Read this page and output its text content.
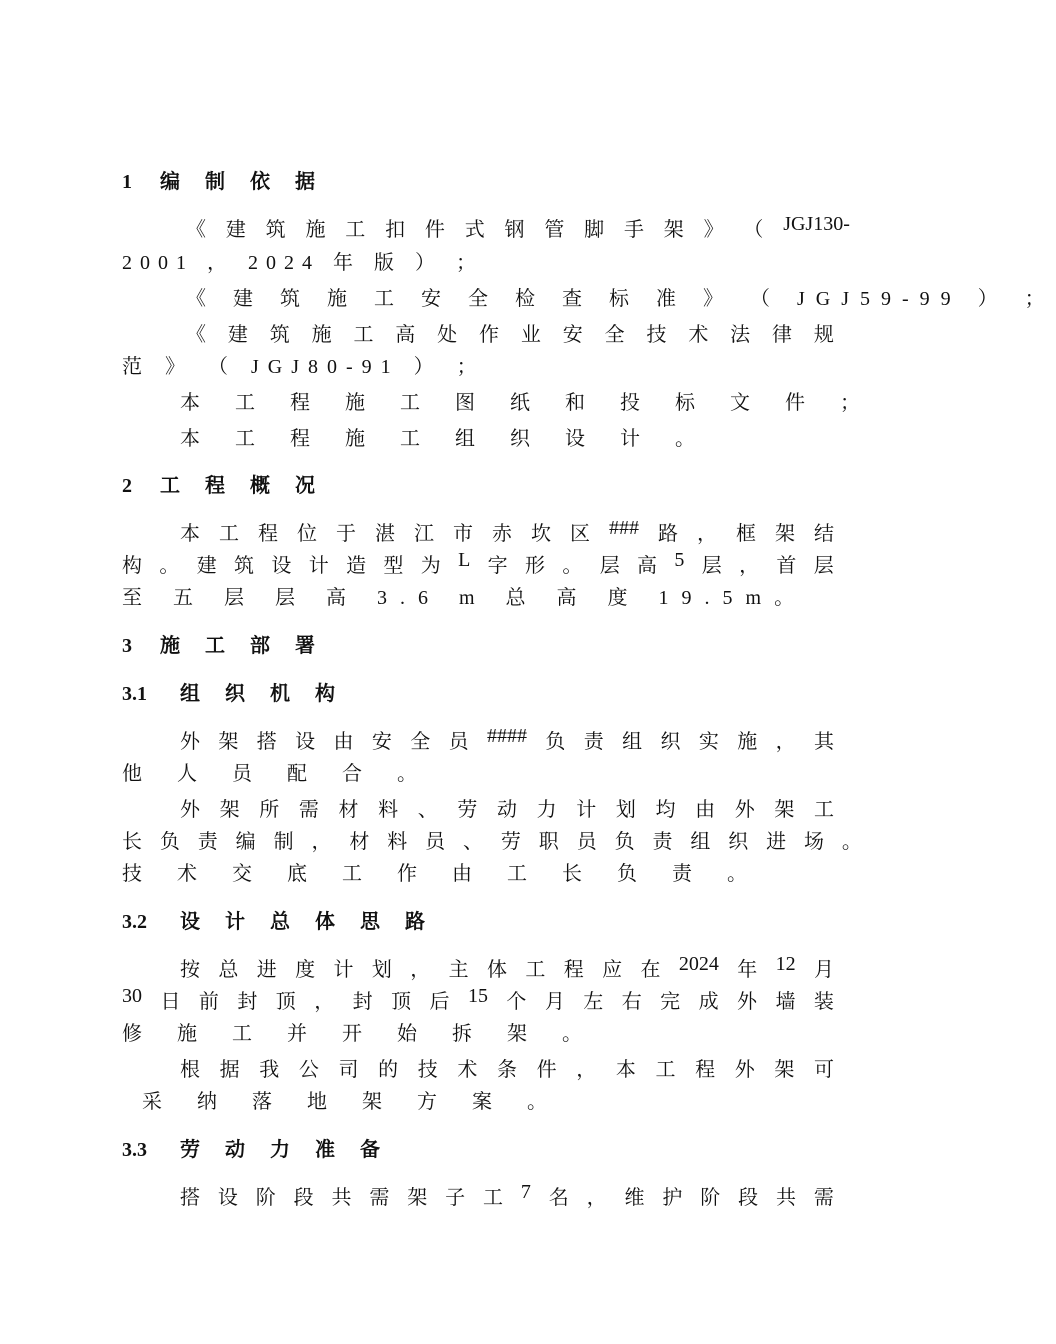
1 编 制 依 据
《 建 筑 施 工 扣 件 式 钢 管 脚 手 架 》 （ JGJ130-
2001 ， 2024 年 版 ） ；
《 建 筑 施 工 安 全 检 查 标 准 》 （ JGJ59-99 ） ；
《 建 筑 施 工 高 处 作 业 安 全 技 术 法 律 规
范 》 （ JGJ80-91 ） ；
本 工 程 施 工 图 纸 和 投 标 文 件 ；
本 工 程 施 工 组 织 设 计 。
2 工 程 概 况
本 工 程 位 于 湛 江 市 赤 坎 区 ### 路 ， 框 架 结
构 。 建 筑 设 计 造 型 为 L 字 形 。 层 高 5 层 ， 首 层
至 五 层 层 高 3.6 m 总 高 度 19.5m。
3 施 工 部 署
3.1 组 织 机 构
外 架 搭 设 由 安 全 员 #### 负 责 组 织 实 施 ， 其
他 人 员 配 合 。
外 架 所 需 材 料 、 劳 动 力 计 划 均 由 外 架 工
长 负 责 编 制 ， 材 料 员 、 劳 职 员 负 责 组 织 进 场 。
技 术 交 底 工 作 由 工 长 负 责 。
3.2 设 计 总 体 思 路
按 总 进 度 计 划 ， 主 体 工 程 应 在 2024 年 12 月
30 日 前 封 顶 ， 封 顶 后 15 个 月 左 右 完 成 外 墙 装
修 施 工 并 开 始 拆 架 。
根 据 我 公 司 的 技 术 条 件 ， 本 工 程 外 架 可
采 纳 落 地 架 方 案 。
3.3 劳 动 力 准 备
搭 设 阶 段 共 需 架 子 工 7 名 ， 维 护 阶 段 共 需
